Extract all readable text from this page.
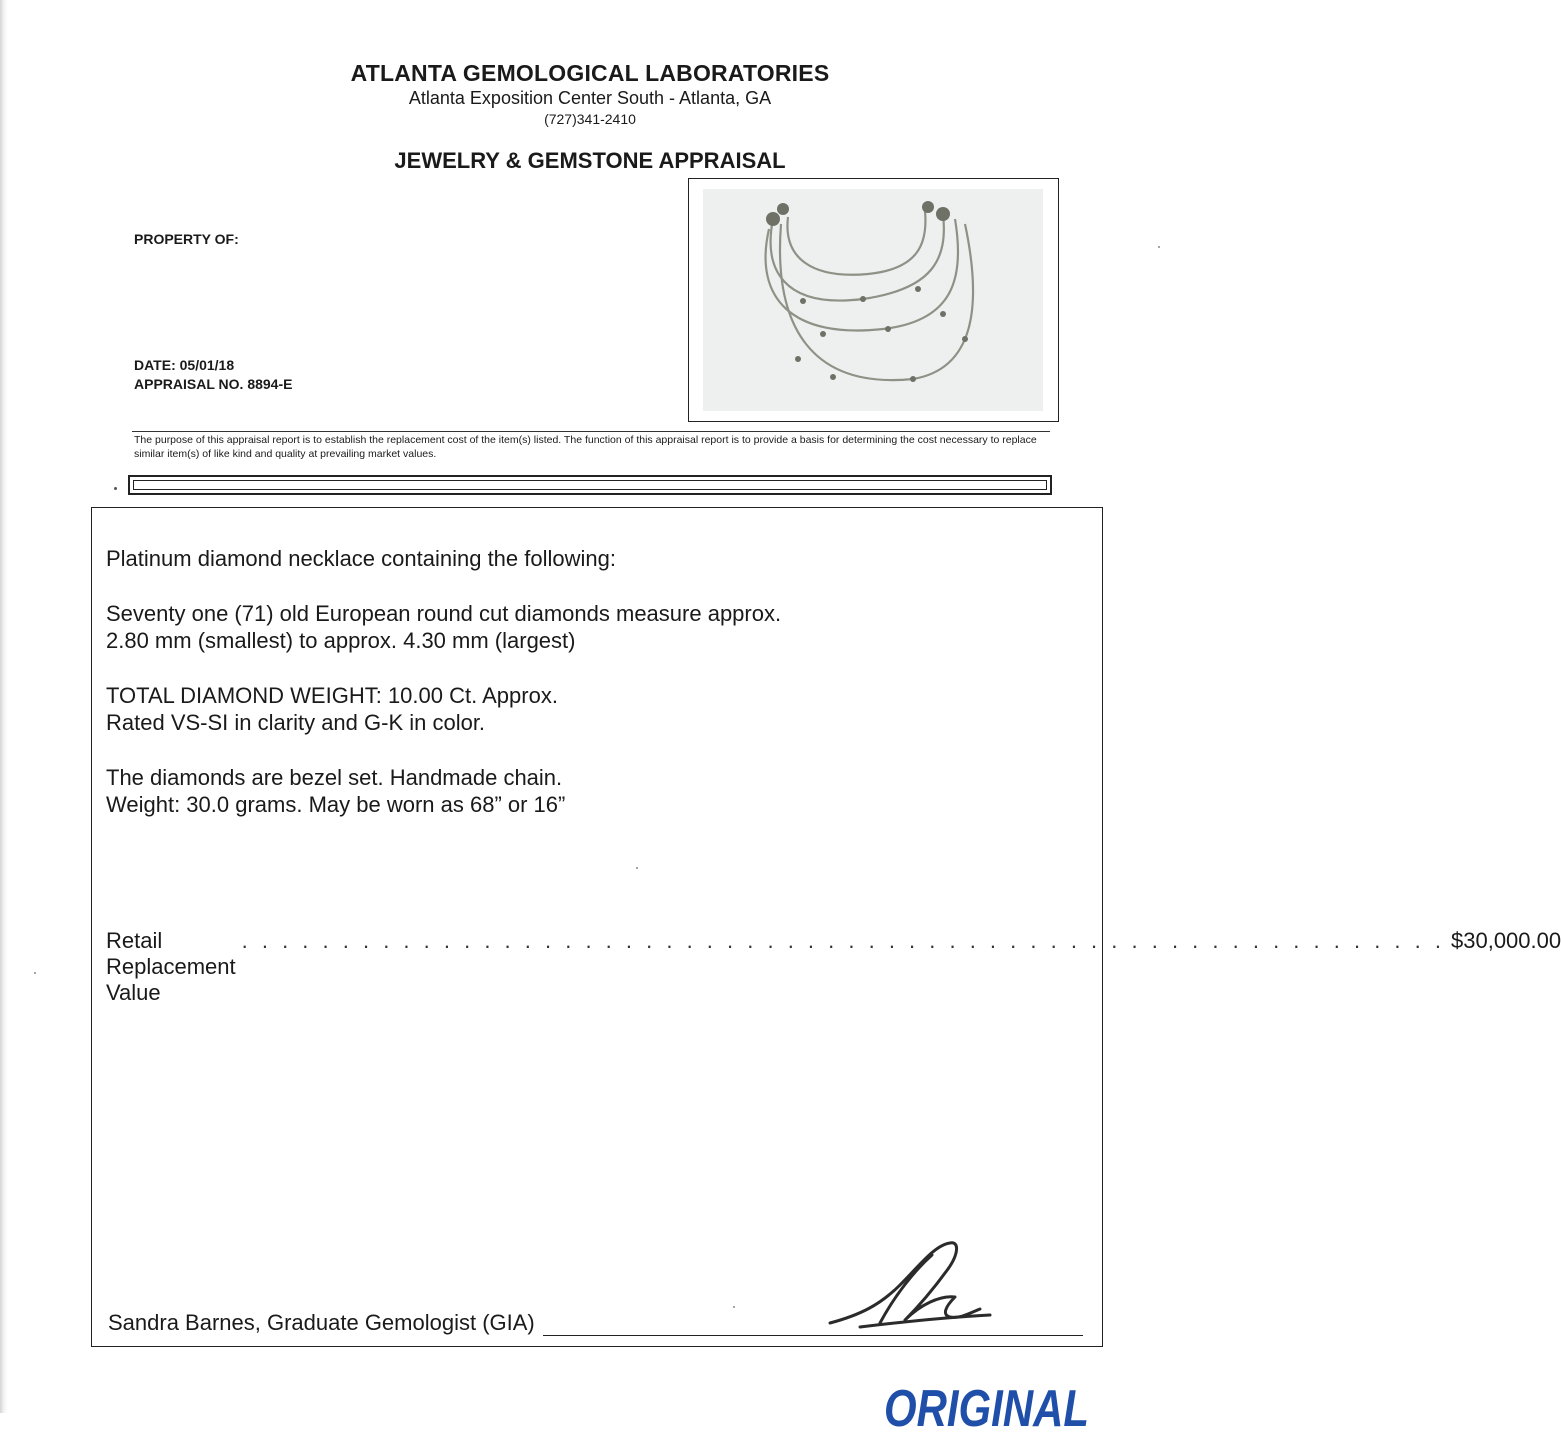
ATLANTA GEMOLOGICAL LABORATORIES
Atlanta Exposition Center South - Atlanta, GA
(727)341-2410
JEWELRY & GEMSTONE APPRAISAL
PROPERTY OF:
DATE: 05/01/18
APPRAISAL NO. 8894-E
The purpose of this appraisal report is to establish the replacement cost of the item(s) listed. The function of this appraisal report is to provide a basis for determining the cost necessary to replace similar item(s) of like kind and quality at prevailing market values.
Platinum diamond necklace containing the following:
Seventy one (71) old European round cut diamonds measure approx.
2.80 mm (smallest) to approx. 4.30 mm (largest)
TOTAL DIAMOND WEIGHT: 10.00 Ct. Approx.
Rated VS-SI in clarity and G-K in color.
The diamonds are bezel set. Handmade chain.
Weight: 30.0 grams. May be worn as 68” or 16”
Retail Replacement Value
. . . . . . . . . . . . . . . . . . . . . . . . . . . . . . . . . . . . . . . . . . . . . . . . . . . . . . . . . . . . $30,000.00
Sandra Barnes, Graduate Gemologist (GIA)
ORIGINAL
